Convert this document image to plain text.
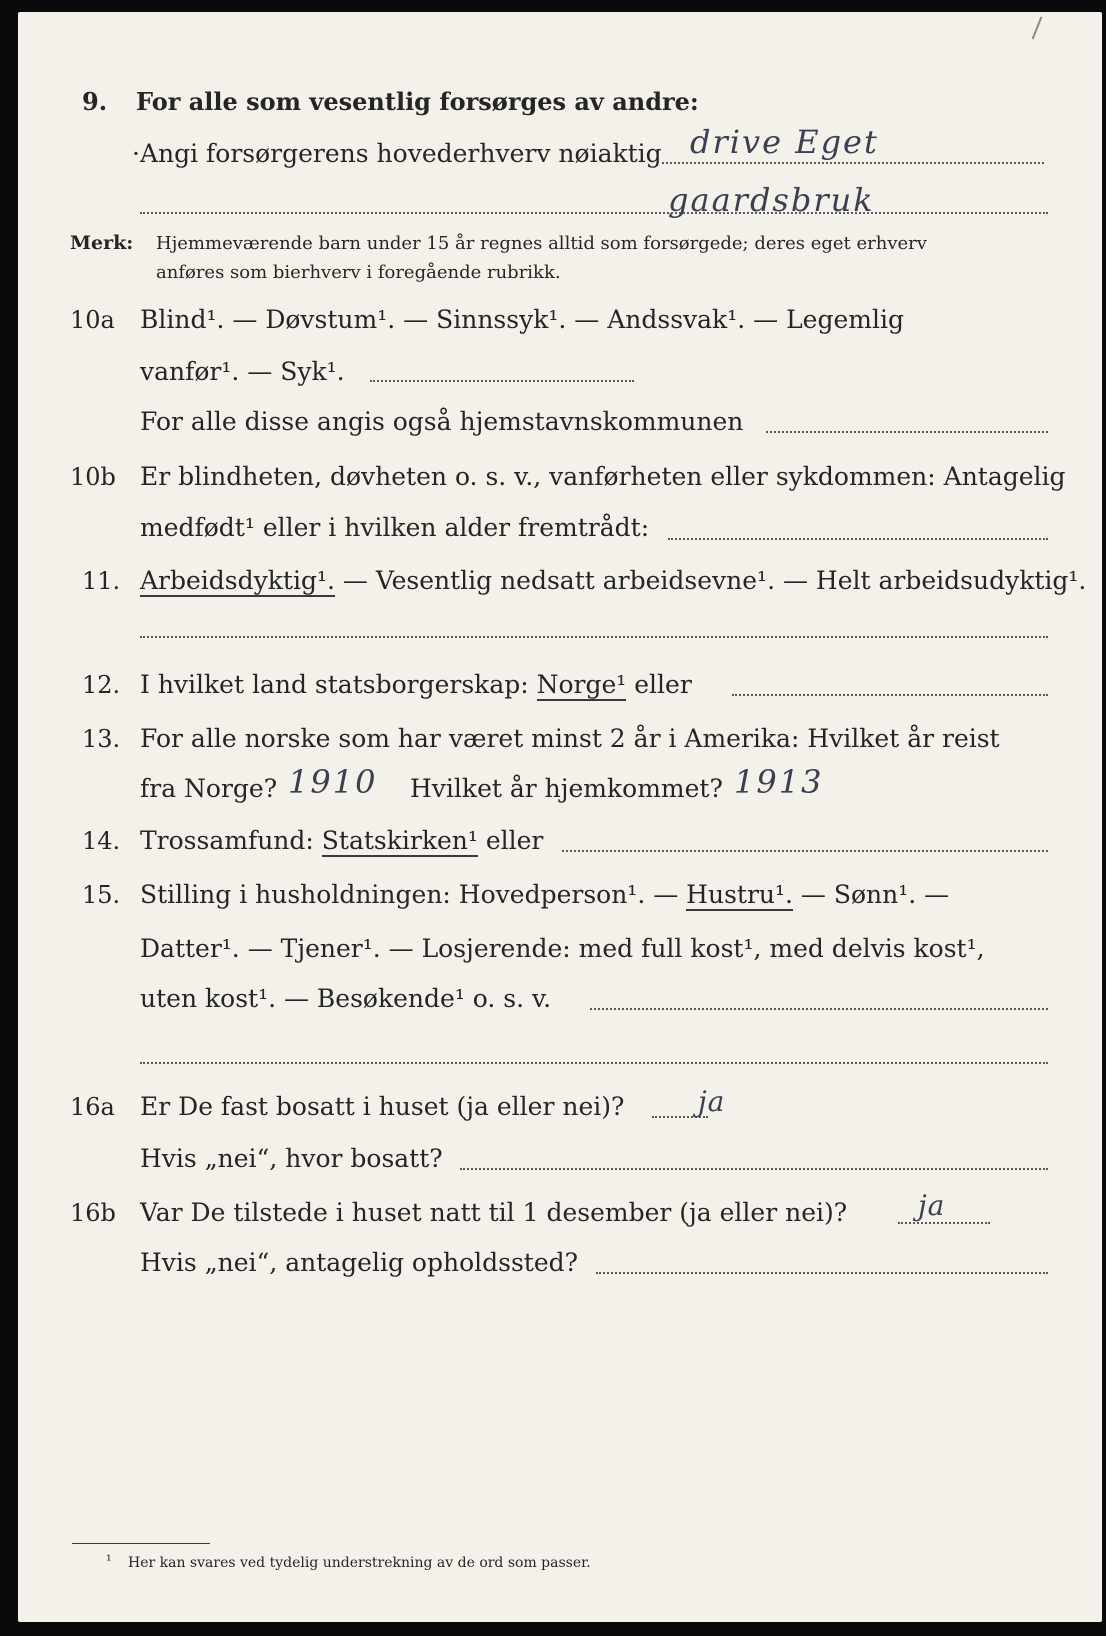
9. For alle som vesentlig forsørges av andre:
·Angi forsørgerens hovederhverv nøiaktig drive Eget
gaardsbruk
Merk: Hjemmeværende barn under 15 år regnes alltid som forsørgede; deres eget erhverv
anføres som bierhverv i foregående rubrikk.
10a Blind¹. — Døvstum¹. — Sinnssyk¹. — Andssvak¹. — Legemlig
vanfør¹. — Syk¹.
For alle disse angis også hjemstavnskommunen
10b Er blindheten, døvheten o. s. v., vanførheten eller sykdommen: Antagelig
medfødt¹ eller i hvilken alder fremtrådt:
11. Arbeidsdyktig¹. — Vesentlig nedsatt arbeidsevne¹. — Helt arbeidsudyktig¹.
12. I hvilket land statsborgerskap: Norge¹ eller
13. For alle norske som har været minst 2 år i Amerika: Hvilket år reist
fra Norge? 1910 Hvilket år hjemkommet? 1913
14. Trossamfund: Statskirken¹ eller
15. Stilling i husholdningen: Hovedperson¹. — Hustru¹. — Sønn¹. —
Datter¹. — Tjener¹. — Losjerende: med full kost¹, med delvis kost¹,
uten kost¹. — Besøkende¹ o. s. v.
16a Er De fast bosatt i huset (ja eller nei)?	ja
Hvis „nei“, hvor bosatt?
16b Var De tilstede i huset natt til 1 desember (ja eller nei)?	ja
Hvis „nei“, antagelig opholdssted?
¹ Her kan svares ved tydelig understrekning av de ord som passer.
